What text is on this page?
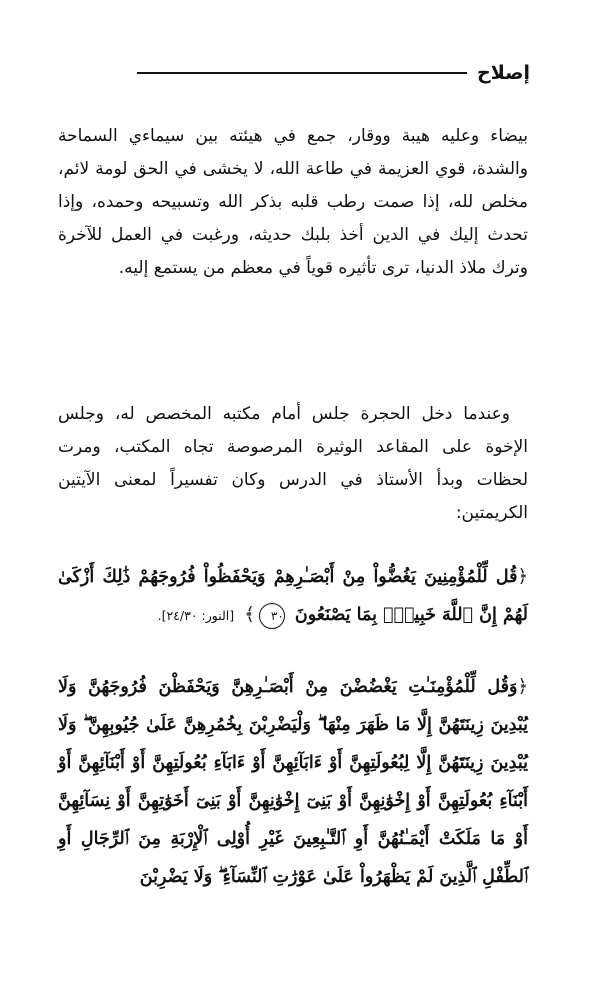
إصلاح
بيضاء وعليه هيبة ووقار، جمع في هيئته بين سيماءي السماحة والشدة، قوي العزيمة في طاعة الله، لا يخشى في الحق لومة لائم، مخلص لله، إذا صمت رطب قلبه بذكر الله وتسبيحه وحمده، وإذا تحدث إليك في الدين أخذ بلبك حديثه، ورغبت في العمل للآخرة وترك ملاذ الدنيا، ترى تأثيره قوياً في معظم من يستمع إليه.
وعندما دخل الحجرة جلس أمام مكتبه المخصص له، وجلس الإخوة على المقاعد الوثيرة المرصوصة تجاه المكتب، ومرت لحظات وبدأ الأستاذ في الدرس وكان تفسيراً لمعنى الآيتين الكريمتين:
﴿قُل لِّلْمُؤْمِنِينَ يَغُضُّواْ مِنْ أَبْصَـٰرِهِمْ وَيَحْفَظُواْ فُرُوجَهُمْ ذَٰلِكَ أَزْكَىٰ لَهُمْ إِنَّ ٱللَّهَ خَبِيرٌۢ بِمَا يَصْنَعُونَ ٣٠﴾ [النور: ٢٤/٣٠].
﴿وَقُل لِّلْمُؤْمِنَـٰتِ يَغْضُضْنَ مِنْ أَبْصَـٰرِهِنَّ وَيَحْفَظْنَ فُرُوجَهُنَّ وَلَا يُبْدِينَ زِينَتَهُنَّ إِلَّا مَا ظَهَرَ مِنْهَا ۖ وَلْيَضْرِبْنَ بِخُمُرِهِنَّ عَلَىٰ جُيُوبِهِنَّ ۖ وَلَا يُبْدِينَ زِينَتَهُنَّ إِلَّا لِبُعُولَتِهِنَّ أَوْ ءَابَآئِهِنَّ أَوْ ءَابَآءِ بُعُولَتِهِنَّ أَوْ أَبْنَآئِهِنَّ أَوْ أَبْنَآءِ بُعُولَتِهِنَّ أَوْ إِخْوَٰنِهِنَّ أَوْ بَنِىٓ إِخْوَٰنِهِنَّ أَوْ بَنِىٓ أَخَوَٰتِهِنَّ أَوْ نِسَآئِهِنَّ أَوْ مَا مَلَكَتْ أَيْمَـٰنُهُنَّ أَوِ ٱلتَّـٰبِعِينَ غَيْرِ أُوْلِى ٱلْإِرْبَةِ مِنَ ٱلرِّجَالِ أَوِ ٱلطِّفْلِ ٱلَّذِينَ لَمْ يَظْهَرُواْ عَلَىٰ عَوْرَٰتِ ٱلنِّسَآءِ ۖ وَلَا يَضْرِبْنَ
